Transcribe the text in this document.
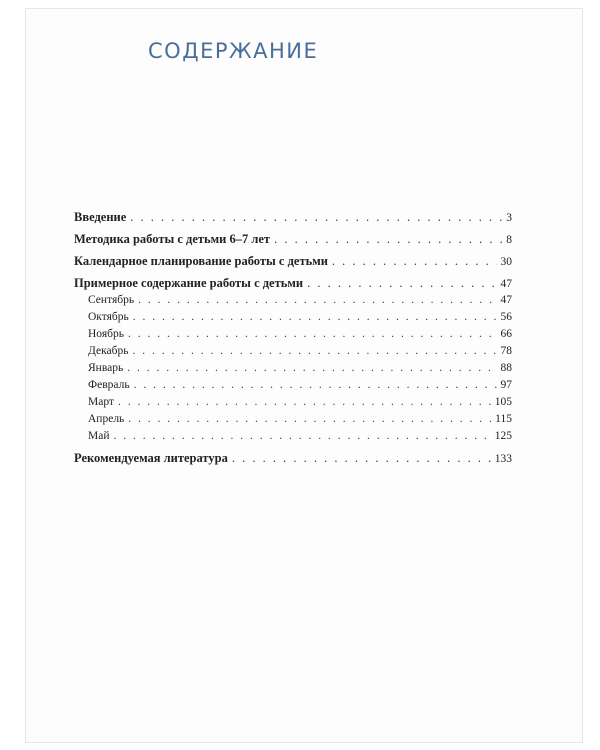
СОДЕРЖАНИЕ
Введение . . .	3
Методика работы с детьми 6–7 лет . . .	8
Календарное планирование работы с детьми . . .	30
Примерное содержание работы с детьми . . .	47
Сентябрь . . .	47
Октябрь . . .	56
Ноябрь . . .	66
Декабрь . . .	78
Январь . . .	88
Февраль . . .	97
Март . . .	105
Апрель . . .	115
Май . . .	125
Рекомендуемая литература . . .	133
